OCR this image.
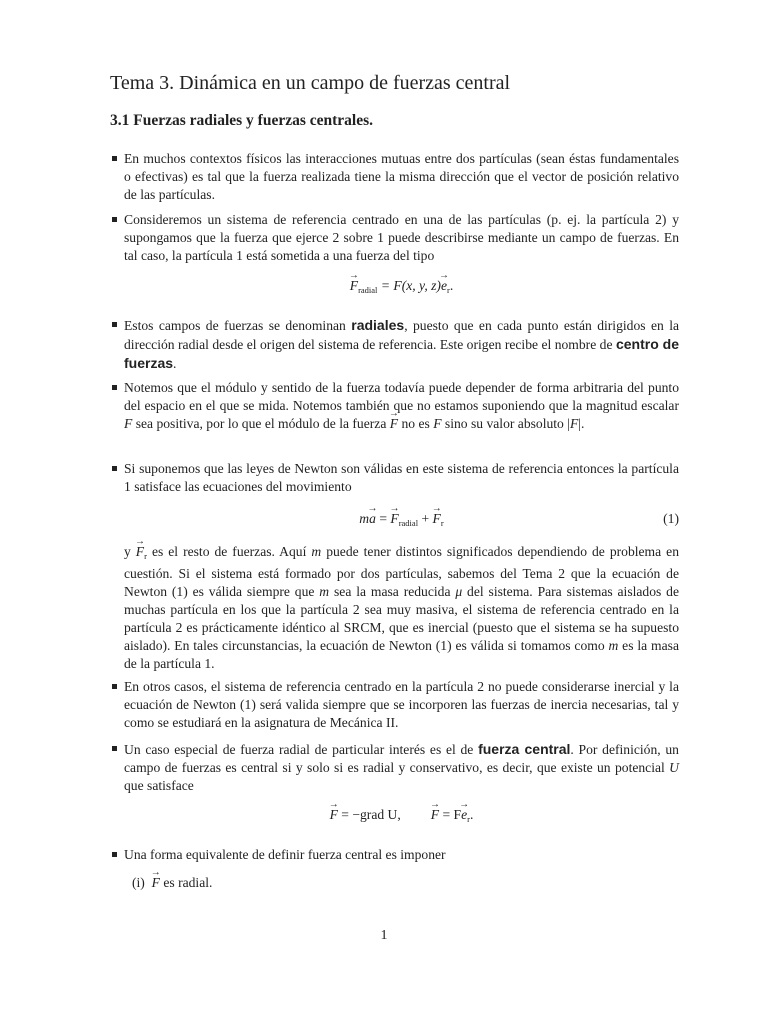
Tema 3. Dinámica en un campo de fuerzas central
3.1 Fuerzas radiales y fuerzas centrales.

En muchos contextos físicos las interacciones mutuas entre dos partículas (sean éstas fundamentales o efectivas) es tal que la fuerza realizada tiene la misma dirección que el vector de posición relativo de las partículas.

Consideremos un sistema de referencia centrado en una de las partículas (p. ej. la partícula 2) y supongamos que la fuerza que ejerce 2 sobre 1 puede describirse mediante un campo de fuerzas. En tal caso, la partícula 1 está sometida a una fuerza del tipo

→ $F_{radial} = F(x$, y, $z)\to e_r$.

Estos campos de fuerzas se denominan radiales, puesto que en cada punto están dirigidos en la dirección radial desde el origen del sistema de referencia. Este origen recibe el nombre de centro de fuerzas.

Notemos que el módulo y sentido de la fuerza todavía puede depender de forma arbitraria del punto del espacio en el que se mida. Notemos también que no estamos suponiendo que la magnitud escalar F sea positiva, por lo que el módulo de la fuerza → F no es F sino su valor absoluto |F|.

Si suponemos que las leyes de Newton son válidas en este sistema de referencia entonces la partícula 1 satisface las ecuaciones del movimiento

m→ a = → $F_{radial}$ + → $F_r$	(1)

$y \to F_r$ es el resto de fuerzas. Aquí m puede tener distintos significados dependiendo de problema en cuestión. Si el sistema está formado por dos partículas, sabemos del Tema 2 que la ecuación de Newton (1) es válida siempre que m sea la masa reducida μ del sistema. Para sistemas aislados de muchas partícula en los que la partícula 2 sea muy masiva, el sistema de referencia centrado en la partícula 2 es prácticamente idéntico al SRCM, que es inercial (puesto que el sistema se ha supuesto aislado). En tales circunstancias, la ecuación de Newton (1) es válida si tomamos como m es la masa de la partícula 1.

En otros casos, el sistema de referencia centrado en la partícula 2 no puede considerarse inercial y la ecuación de Newton (1) será valida siempre que se incorporen las fuerzas de inercia necesarias, tal y como se estudiará en la asignatura de Mecánica II.

Un caso especial de fuerza radial de particular interés es el de fuerza central. Por definición, un campo de fuerzas es central si y solo si es radial y conservativo, es decir, que existe un potencial U que satisface

→ F = −grad $U,\to F = F\to e_r$.

Una forma equivalente de definir fuerza central es imponer

(i)  → F es radial.

1
